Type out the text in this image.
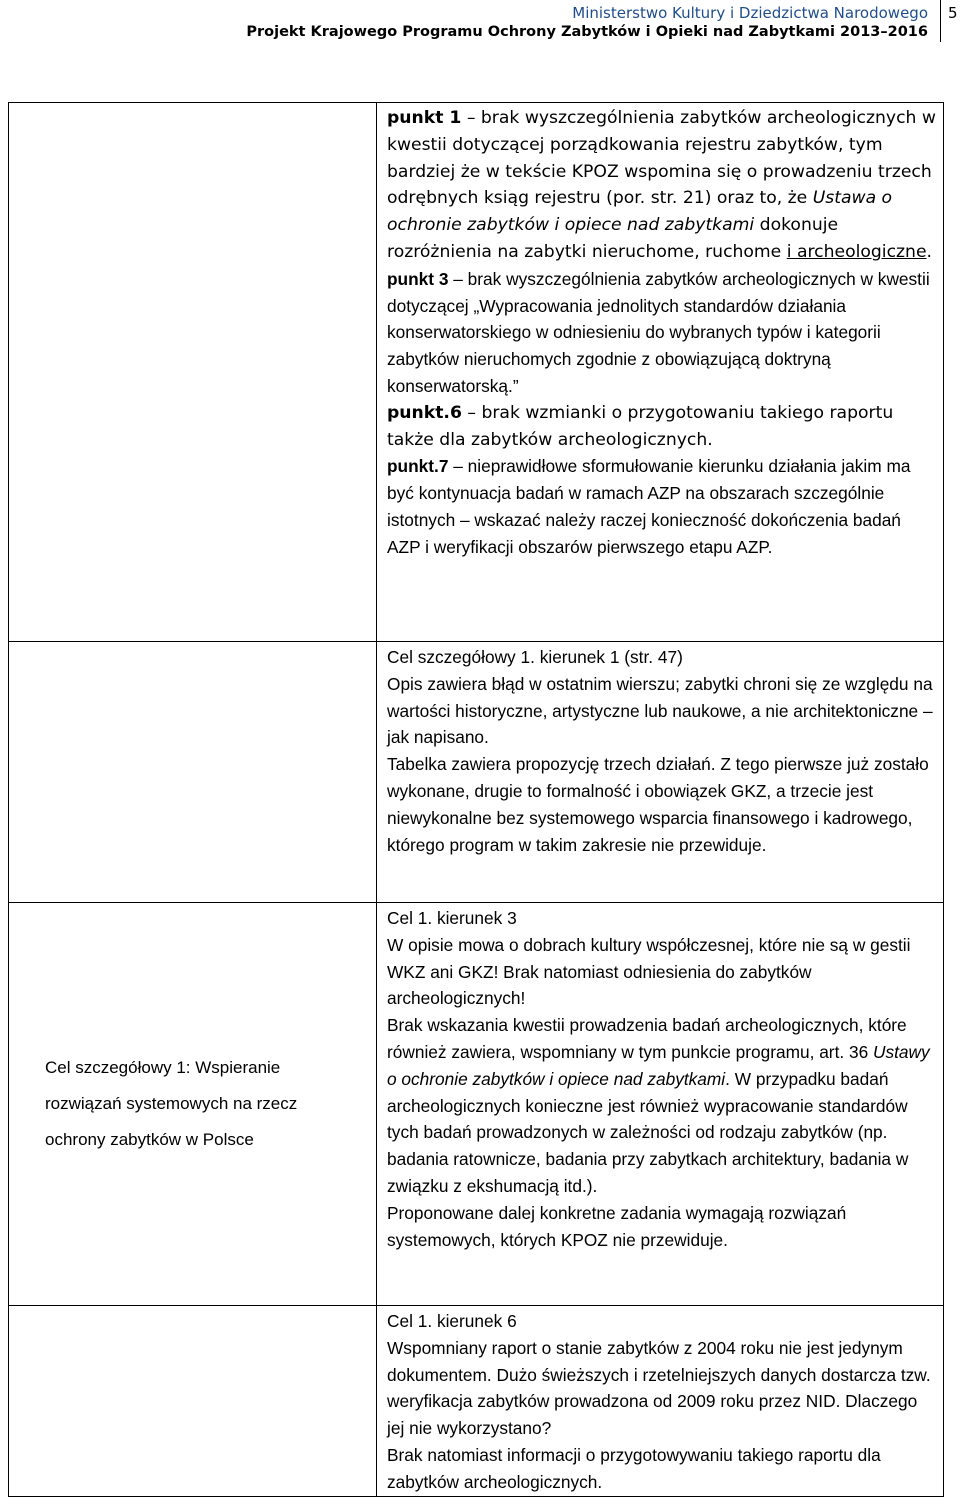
Ministerstwo Kultury i Dziedzictwa Narodowego
Projekt Krajowego Programu Ochrony Zabytków i Opieki nad Zabytkami 2013–2016
5

	punkt 1 – brak wyszczególnienia zabytków archeologicznych w kwestii dotyczącej porządkowania rejestru zabytków, tym bardziej że w tekście KPOZ wspomina się o prowadzeniu trzech odrębnych ksiąg rejestru (por. str. 21) oraz to, że Ustawa o ochronie zabytków i opiece nad zabytkami dokonuje rozróżnienia na zabytki nieruchome, ruchome i archeologiczne.
punkt 3 – brak wyszczególnienia zabytków archeologicznych w kwestii dotyczącej „Wypracowania jednolitych standardów działania konserwatorskiego w odniesieniu do wybranych typów i kategorii zabytków nieruchomych zgodnie z obowiązującą doktryną konserwatorską.”
punkt.6 – brak wzmianki o przygotowaniu takiego raportu także dla zabytków archeologicznych.
punkt.7 – nieprawidłowe sformułowanie kierunku działania jakim ma być kontynuacja badań w ramach AZP na obszarach szczególnie istotnych – wskazać należy raczej konieczność dokończenia badań AZP i weryfikacji obszarów pierwszego etapu AZP.

	Cel szczegółowy 1. kierunek 1 (str. 47)
Opis zawiera błąd w ostatnim wierszu; zabytki chroni się ze względu na wartości historyczne, artystyczne lub naukowe, a nie architektoniczne – jak napisano.
Tabelka zawiera propozycję trzech działań. Z tego pierwsze już zostało wykonane, drugie to formalność i obowiązek GKZ, a trzecie jest niewykonalne bez systemowego wsparcia finansowego i kadrowego, którego program w takim zakresie nie przewiduje.

Cel szczegółowy 1: Wspieranie rozwiązań systemowych na rzecz ochrony zabytków w Polsce	Cel 1. kierunek 3
W opisie mowa o dobrach kultury współczesnej, które nie są w gestii WKZ ani GKZ! Brak natomiast odniesienia do zabytków archeologicznych!
Brak wskazania kwestii prowadzenia badań archeologicznych, które również zawiera, wspomniany w tym punkcie programu, art. 36 Ustawy o ochronie zabytków i opiece nad zabytkami. W przypadku badań archeologicznych konieczne jest również wypracowanie standardów tych badań prowadzonych w zależności od rodzaju zabytków (np. badania ratownicze, badania przy zabytkach architektury, badania w związku z ekshumacją itd.).
Proponowane dalej konkretne zadania wymagają rozwiązań systemowych, których KPOZ nie przewiduje.

	Cel 1. kierunek 6
Wspomniany raport o stanie zabytków z 2004 roku nie jest jedynym dokumentem. Dużo świeższych i rzetelniejszych danych dostarcza tzw. weryfikacja zabytków prowadzona od 2009 roku przez NID. Dlaczego jej nie wykorzystano?
Brak natomiast informacji o przygotowywaniu takiego raportu dla zabytków archeologicznych.
